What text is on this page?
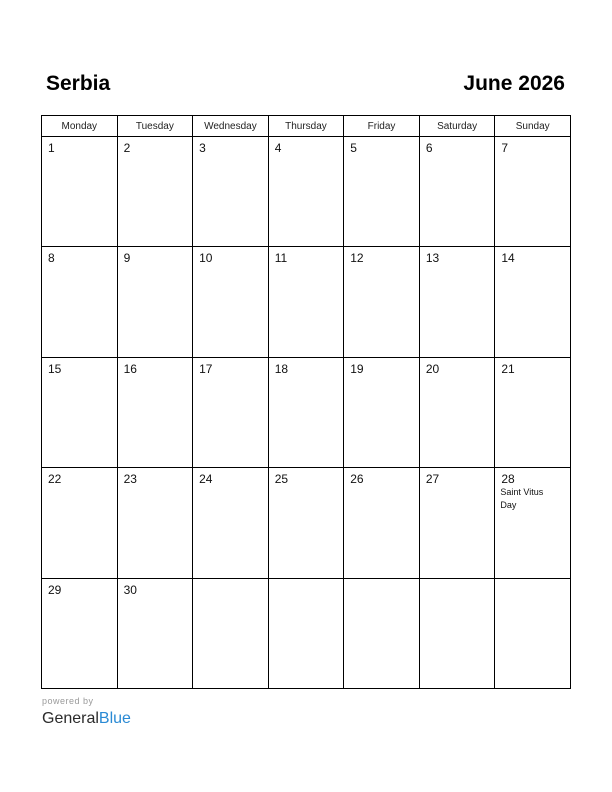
Serbia	June 2026
Monday	Tuesday	Wednesday	Thursday	Friday	Saturday	Sunday

1	2	3	4	5	6	7

8	9	10	11	12	13	14

15	16	17	18	19	20	21

22	23	24	25	26	27	28
Saint Vitus Day

29	30					

powered by
GeneralBlue
